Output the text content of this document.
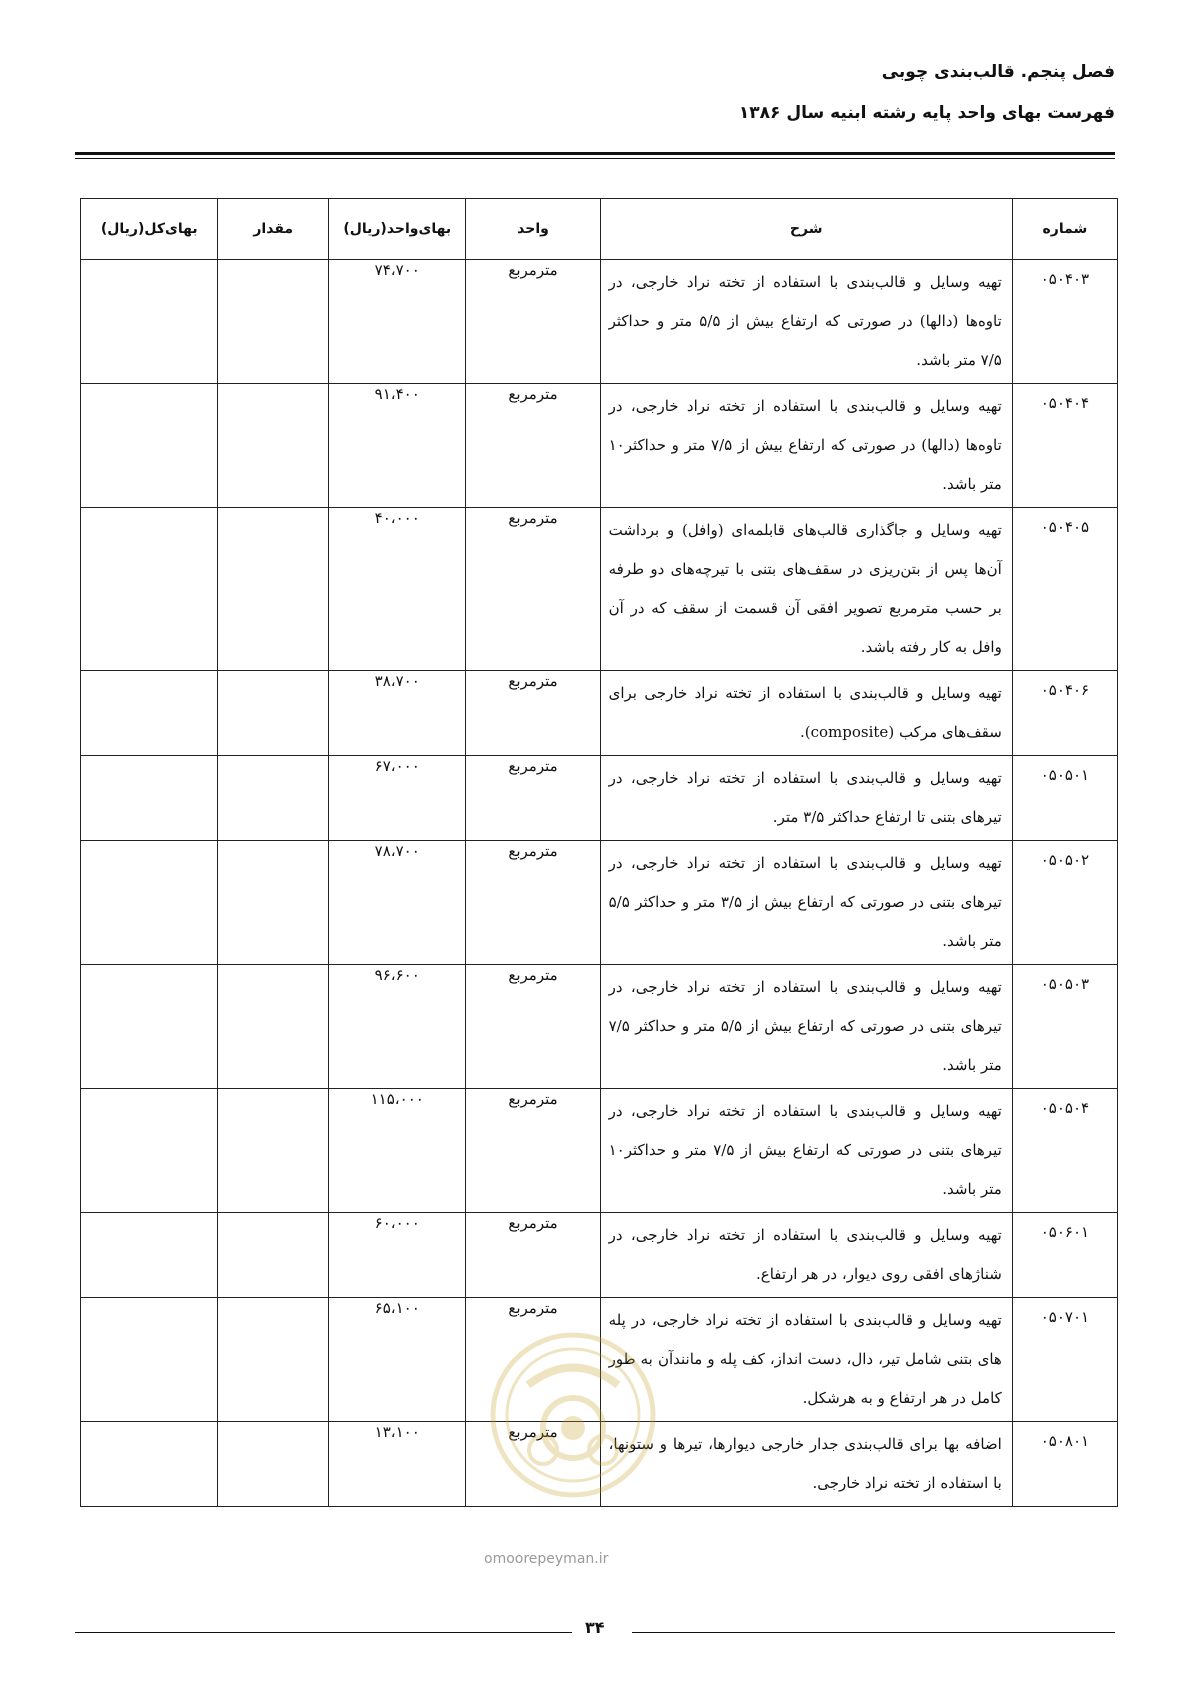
فصل پنجم. قالب‌بندی چوبی
فهرست بهای واحد پایه رشته ابنیه سال ۱۳۸۶
شماره	شرح	واحد	بهای‌واحد(ریال)	مقدار	بهای‌کل(ریال)
۰۵۰۴۰۳	تهیه وسایل و قالب‌بندی با استفاده از تخته نراد خارجی، در تاوه‌ها (دالها) در صورتی که ارتفاع بیش از ۵/۵ متر و حداکثر ۷/۵ متر باشد.	مترمربع	۷۴،۷۰۰		
۰۵۰۴۰۴	تهیه وسایل و قالب‌بندی با استفاده از تخته نراد خارجی، در تاوه‌ها (دالها) در صورتی که ارتفاع بیش از ۷/۵ متر و حداکثر۱۰ متر باشد.	مترمربع	۹۱،۴۰۰		
۰۵۰۴۰۵	تهیه وسایل و جاگذاری قالب‌های قابلمه‌ای (وافل) و برداشت آن‌ها پس از بتن‌ریزی در سقف‌های بتنی با تیرچه‌های دو طرفه بر حسب مترمربع تصویر افقی آن قسمت از سقف که در آن وافل به کار رفته باشد.	مترمربع	۴۰،۰۰۰		
۰۵۰۴۰۶	تهیه وسایل و قالب‌بندی با استفاده از تخته نراد خارجی برای سقف‌های مرکب (composite).	مترمربع	۳۸،۷۰۰		
۰۵۰۵۰۱	تهیه وسایل و قالب‌بندی با استفاده از تخته نراد خارجی، در تیرهای بتنی تا ارتفاع حداکثر ۳/۵ متر.	مترمربع	۶۷،۰۰۰		
۰۵۰۵۰۲	تهیه وسایل و قالب‌بندی با استفاده از تخته نراد خارجی، در تیرهای بتنی در صورتی که ارتفاع بیش از ۳/۵ متر و حداکثر ۵/۵ متر باشد.	مترمربع	۷۸،۷۰۰		
۰۵۰۵۰۳	تهیه وسایل و قالب‌بندی با استفاده از تخته نراد خارجی، در تیرهای بتنی در صورتی که ارتفاع بیش از ۵/۵ متر و حداکثر ۷/۵ متر باشد.	مترمربع	۹۶،۶۰۰		
۰۵۰۵۰۴	تهیه وسایل و قالب‌بندی با استفاده از تخته نراد خارجی، در تیرهای بتنی در صورتی که ارتفاع بیش از ۷/۵ متر و حداکثر۱۰ متر باشد.	مترمربع	۱۱۵،۰۰۰		
۰۵۰۶۰۱	تهیه وسایل و قالب‌بندی با استفاده از تخته نراد خارجی، در شناژهای افقی روی دیوار، در هر ارتفاع.	مترمربع	۶۰،۰۰۰		
۰۵۰۷۰۱	تهیه وسایل و قالب‌بندی با استفاده از تخته نراد خارجی، در پله های بتنی شامل تیر، دال، دست انداز، کف پله و مانندآن به طور کامل در هر ارتفاع و به هرشکل.	مترمربع	۶۵،۱۰۰		
۰۵۰۸۰۱	اضافه بها برای قالب‌بندی جدار خارجی دیوارها، تیرها و ستونها، با استفاده از تخته نراد خارجی.	مترمربع	۱۳،۱۰۰		
omoorepeyman.ir
۳۴
